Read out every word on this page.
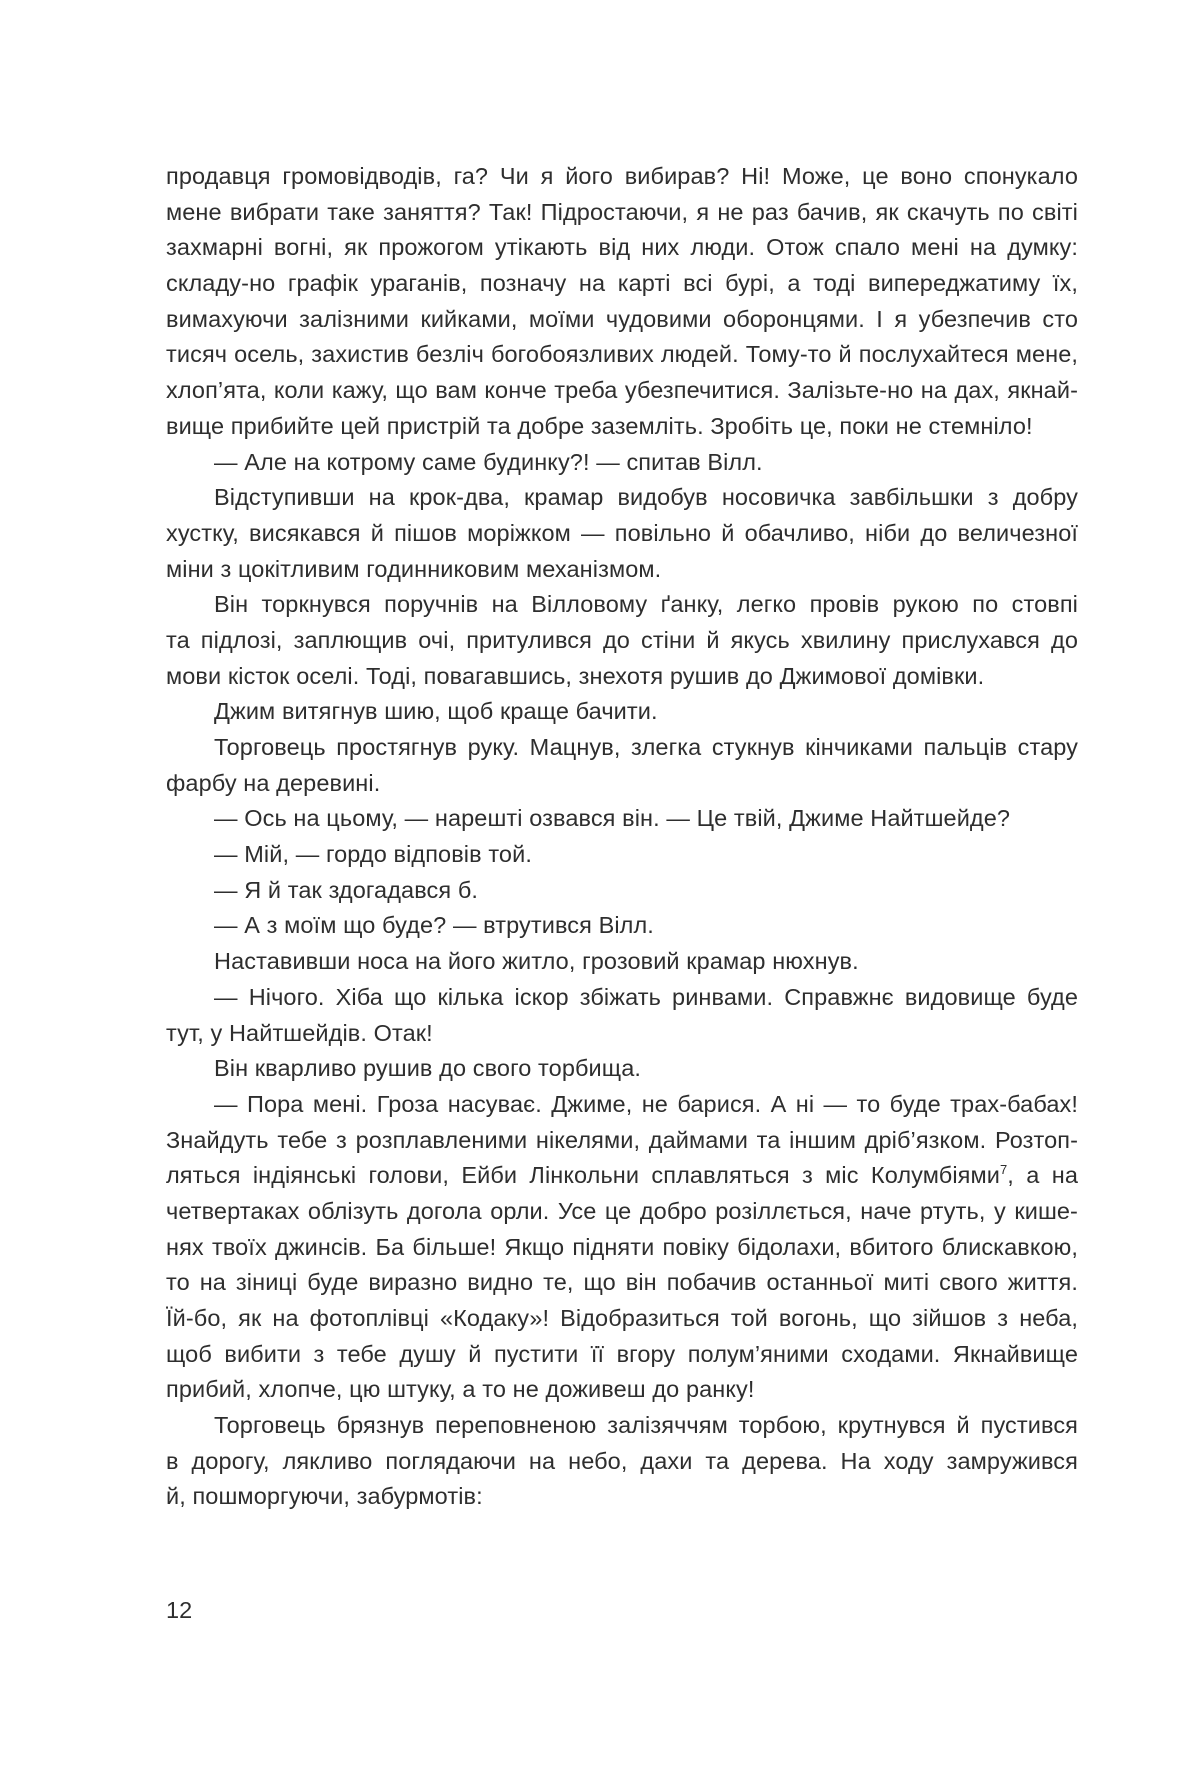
продавця громовідводів, га? Чи я його вибирав? Ні! Може, це воно спонукало
мене вибрати таке заняття? Так! Підростаючи, я не раз бачив, як скачуть по світі
захмарні вогні, як прожогом утікають від них люди. Отож спало мені на думку:
складу-но графік ураганів, позначу на карті всі бурі, а тоді випереджатиму їх,
вимахуючи залізними кийками, моїми чудовими оборонцями. І я убезпечив сто
тисяч осель, захистив безліч богобоязливих людей. Тому-то й послухайтеся мене,
хлоп’ята, коли кажу, що вам конче треба убезпечитися. Залізьте-но на дах, якнай-
вище прибийте цей пристрій та добре заземліть. Зробіть це, поки не стемніло!
— Але на котрому саме будинку?! — спитав Вілл.
Відступивши на крок-два, крамар видобув носовичка завбільшки з добру
хустку, висякався й пішов моріжком — повільно й обачливо, ніби до величезної
міни з цокітливим годинниковим механізмом.
Він торкнувся поручнів на Вілловому ґанку, легко провів рукою по стовпі
та підлозі, заплющив очі, притулився до стіни й якусь хвилину прислухався до
мови кісток оселі. Тоді, повагавшись, знехотя рушив до Джимової домівки.
Джим витягнув шию, щоб краще бачити.
Торговець простягнув руку. Мацнув, злегка стукнув кінчиками пальців стару
фарбу на деревині.
— Ось на цьому, — нарешті озвався він. — Це твій, Джиме Найтшейде?
— Мій, — гордо відповів той.
— Я й так здогадався б.
— А з моїм що буде? — втрутився Вілл.
Наставивши носа на його житло, грозовий крамар нюхнув.
— Нічого. Хіба що кілька іскор збіжать ринвами. Справжнє видовище буде
тут, у Найтшейдів. Отак!
Він кваpливо рушив до свого торбища.
— Пора мені. Гроза насуває. Джиме, не барися. А ні — то буде трах-бабах!
Знайдуть тебе з розплавленими нікелями, даймами та іншим дріб’язком. Розтоп-
ляться індіянські голови, Ейби Лінкольни сплавляться з міс Колумбіями$^7$, а на
четвертаках облізуть догола орли. Усе це добро розіллється, наче ртуть, у кише-
нях твоїх джинсів. Ба більше! Якщо підняти повіку бідолахи, вбитого блискавкою,
то на зіниці буде виразно видно те, що він побачив останньої миті свого життя.
Їй-бо, як на фотоплівці «Кодаку»! Відобразиться той вогонь, що зійшов з неба,
щоб вибити з тебе душу й пустити її вгору полум’яними сходами. Якнайвище
прибий, хлопче, цю штуку, а то не доживеш до ранку!
Торговець брязнув переповненою залізяччям торбою, крутнувся й пустився
в дорогу, лякливо поглядаючи на небо, дахи та дерева. На ходу замружився
й, пошморгуючи, забурмотів:
12
